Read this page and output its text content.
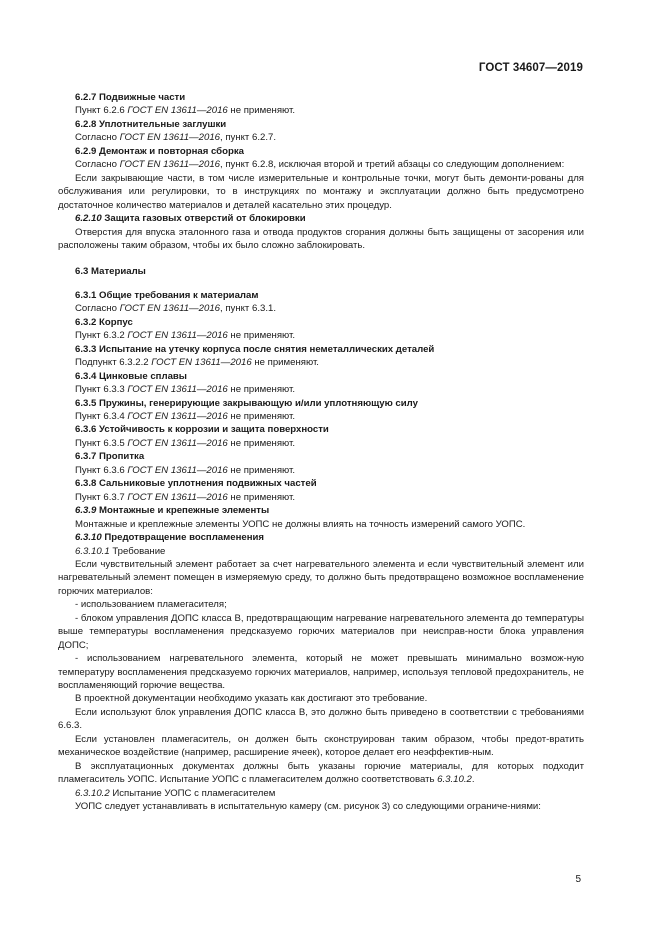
ГОСТ 34607—2019

6.2.7 Подвижные части

Пункт 6.2.6 ГОСТ EN 13611—2016 не применяют.

6.2.8 Уплотнительные заглушки

Согласно ГОСТ EN 13611—2016, пункт 6.2.7.

6.2.9 Демонтаж и повторная сборка

Согласно ГОСТ EN 13611—2016, пункт 6.2.8, исключая второй и третий абзацы со следующим дополнением:

Если закрывающие части, в том числе измерительные и контрольные точки, могут быть демонти-рованы для обслуживания или регулировки, то в инструкциях по монтажу и эксплуатации должно быть предусмотрено достаточное количество материалов и деталей касательно этих процедур.

6.2.10 Защита газовых отверстий от блокировки

Отверстия для впуска эталонного газа и отвода продуктов сгорания должны быть защищены от засорения или расположены таким образом, чтобы их было сложно заблокировать.

6.3 Материалы

6.3.1 Общие требования к материалам

Согласно ГОСТ EN 13611—2016, пункт 6.3.1.

6.3.2 Корпус

Пункт 6.3.2 ГОСТ EN 13611—2016 не применяют.

6.3.3 Испытание на утечку корпуса после снятия неметаллических деталей

Подпункт 6.3.2.2 ГОСТ EN 13611—2016 не применяют.

6.3.4 Цинковые сплавы

Пункт 6.3.3 ГОСТ EN 13611—2016 не применяют.

6.3.5 Пружины, генерирующие закрывающую и/или уплотняющую силу

Пункт 6.3.4 ГОСТ EN 13611—2016 не применяют.

6.3.6 Устойчивость к коррозии и защита поверхности

Пункт 6.3.5 ГОСТ EN 13611—2016 не применяют.

6.3.7 Пропитка

Пункт 6.3.6 ГОСТ EN 13611—2016 не применяют.

6.3.8 Сальниковые уплотнения подвижных частей

Пункт 6.3.7 ГОСТ EN 13611—2016 не применяют.

6.3.9 Монтажные и крепежные элементы

Монтажные и креплежные элементы УОПС не должны влиять на точность измерений самого УОПС.

6.3.10 Предотвращение воспламенения

6.3.10.1 Требование

Если чувствительный элемент работает за счет нагревательного элемента и если чувствительный элемент или нагревательный элемент помещен в измеряемую среду, то должно быть предотвращено возможное воспламенение горючих материалов:

- использованием пламегасителя;

- блоком управления ДОПС класса В, предотвращающим нагревание нагревательного элемента до температуры выше температуры воспламенения предсказуемо горючих материалов при неисправ-ности блока управления ДОПС;

- использованием нагревательного элемента, который не может превышать минимально возмож-ную температуру воспламенения предсказуемо горючих материалов, например, используя тепловой предохранитель, не воспламеняющий горючие вещества.

В проектной документации необходимо указать как достигают это требование.

Если используют блок управления ДОПС класса В, это должно быть приведено в соответствии с требованиями 6.6.3.

Если установлен пламегаситель, он должен быть сконструирован таким образом, чтобы предот-вратить механическое воздействие (например, расширение ячеек), которое делает его неэффектив-ным.

В эксплуатационных документах должны быть указаны горючие материалы, для которых подходит пламегаситель УОПС. Испытание УОПС с пламегасителем должно соответствовать 6.3.10.2.

6.3.10.2 Испытание УОПС с пламегасителем

УОПС следует устанавливать в испытательную камеру (см. рисунок 3) со следующими ограниче-ниями:

5
